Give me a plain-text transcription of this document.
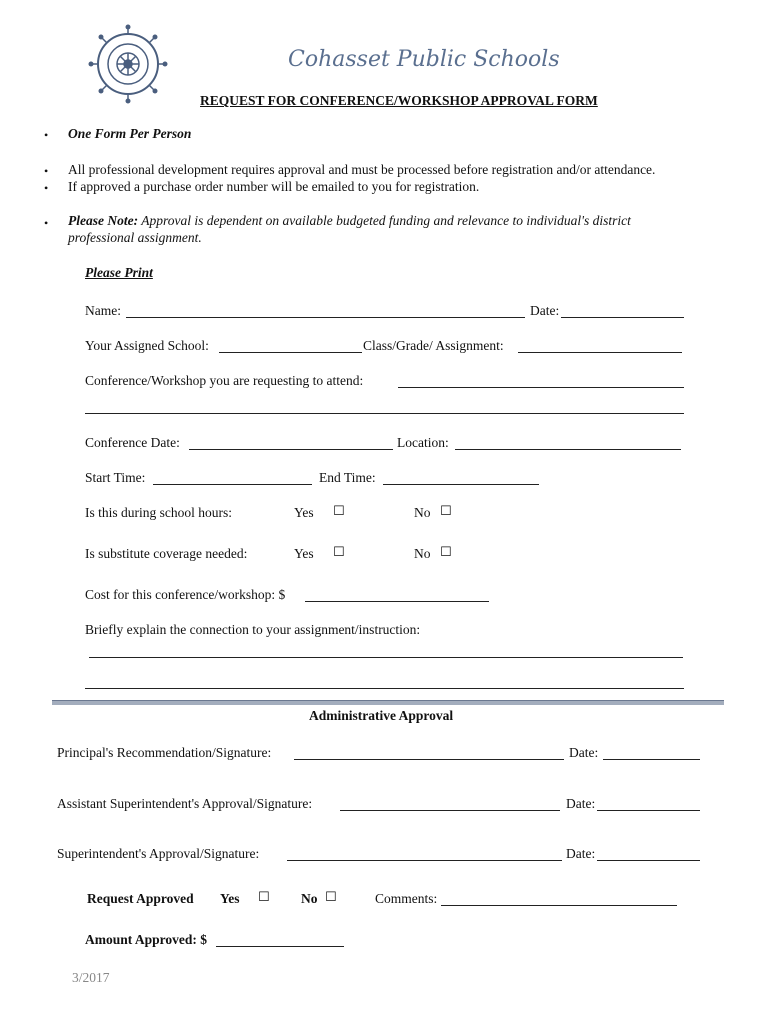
Cohasset Public Schools
REQUEST FOR CONFERENCE/WORKSHOP APPROVAL FORM
• One Form Per Person
• All professional development requires approval and must be processed before registration and/or attendance.
• If approved a purchase order number will be emailed to you for registration.
• Please Note: Approval is dependent on available budgeted funding and relevance to individual's district
professional assignment.
Please Print
Name:	Date:
Your Assigned School:	Class/Grade/ Assignment:
Conference/Workshop you are requesting to attend:
Conference Date:	Location:
Start Time:	End Time:
Is this during school hours:	Yes ☐	No ☐
Is substitute coverage needed:	Yes ☐	No ☐
Cost for this conference/workshop: $
Briefly explain the connection to your assignment/instruction:
Administrative Approval
Principal's Recommendation/Signature:	Date:
Assistant Superintendent's Approval/Signature:	Date:
Superintendent's Approval/Signature:	Date:
Request Approved Yes ☐ No ☐	Comments:
Amount Approved: $
3/2017
